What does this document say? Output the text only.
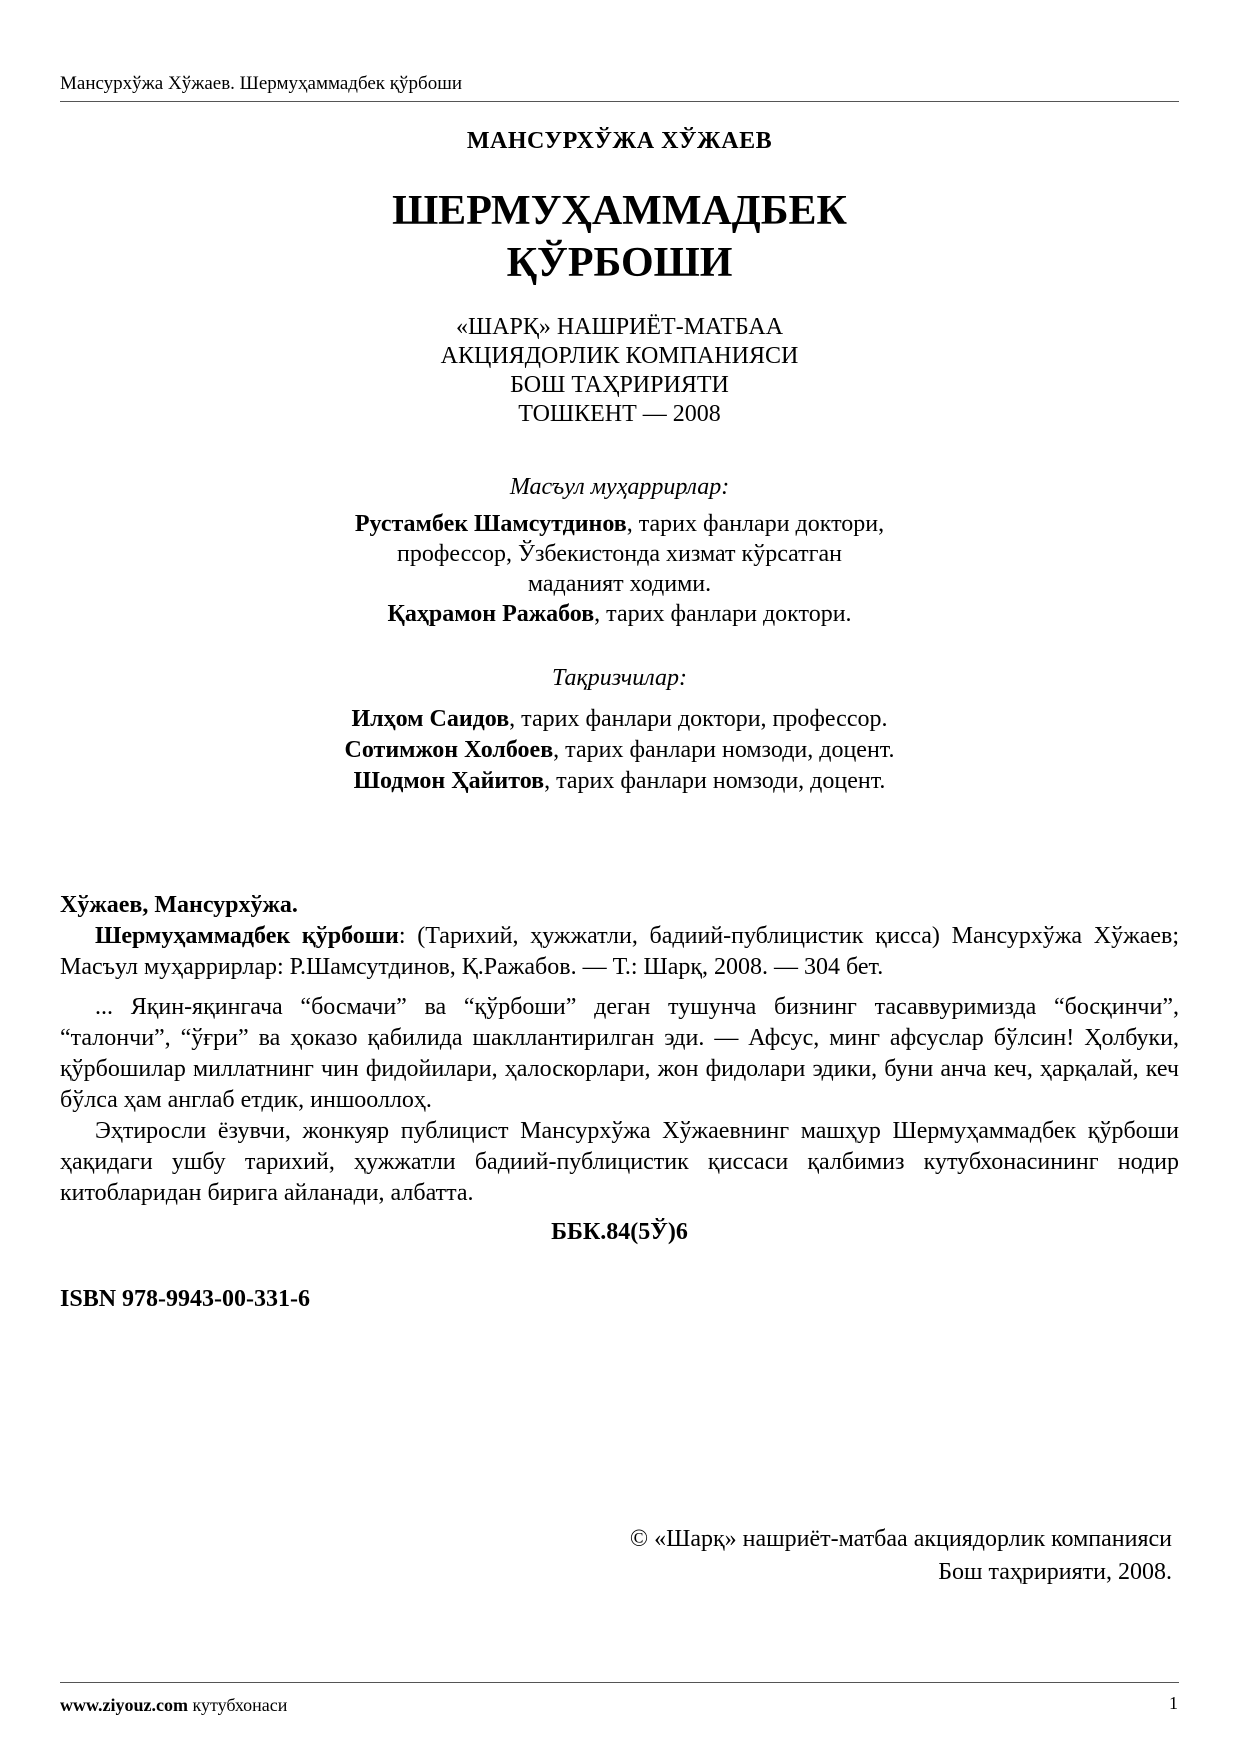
Мансурхўжа Хўжаев. Шермуҳаммадбек қўрбоши
МАНСУРХЎЖА ХЎЖАЕВ
ШЕРМУҲАММАДБЕК
ҚЎРБОШИ
«ШАРҚ» НАШРИЁТ-МАТБАА
АКЦИЯДОРЛИК КОМПАНИЯСИ
БОШ ТАҲРИРИЯТИ
ТОШКЕНТ — 2008
Масъул муҳаррирлар:
Рустамбек Шамсутдинов, тарих фанлари доктори,
профессор, Ўзбекистонда хизмат кўрсатган
маданият ходими.
Қаҳрамон Ражабов, тарих фанлари доктори.
Тақризчилар:
Илҳом Саидов, тарих фанлари доктори, профессор.
Сотимжон Холбоев, тарих фанлари номзоди, доцент.
Шодмон Ҳайитов, тарих фанлари номзоди, доцент.

Хўжаев, Мансурхўжа.

Шермуҳаммадбек қўрбоши: (Тарихий, ҳужжатли, бадиий-публицистик қисса) Мансурхўжа Хўжаев; Масъул муҳаррирлар: Р.Шамсутдинов, Қ.Ражабов. — Т.: Шарқ, 2008. — 304 бет.

... Яқин-яқингача “босмачи” ва “қўрбоши” деган тушунча бизнинг тасаввуримизда “босқинчи”, “талончи”, “ўғри” ва ҳоказо қабилида шакллантирилган эди. — Афсус, минг афсуслар бўлсин! Ҳолбуки, қўрбошилар миллатнинг чин фидойилари, ҳалоскорлари, жон фидолари эдики, буни анча кеч, ҳарқалай, кеч бўлса ҳам англаб етдик, иншооллоҳ.

Эҳтиросли ёзувчи, жонкуяр публицист Мансурхўжа Хўжаевнинг машҳур Шермуҳаммадбек қўрбоши ҳақидаги ушбу тарихий, ҳужжатли бадиий-публицистик қиссаси қалбимиз кутубхонасининг нодир китобларидан бирига айланади, албатта.

ББК.84(5Ў)6

ISBN 978-9943-00-331-6
© «Шарқ» нашриёт-матбаа акциядорлик компанияси
Бош таҳририяти, 2008.
www.ziyouz.com кутубхонаси	1
